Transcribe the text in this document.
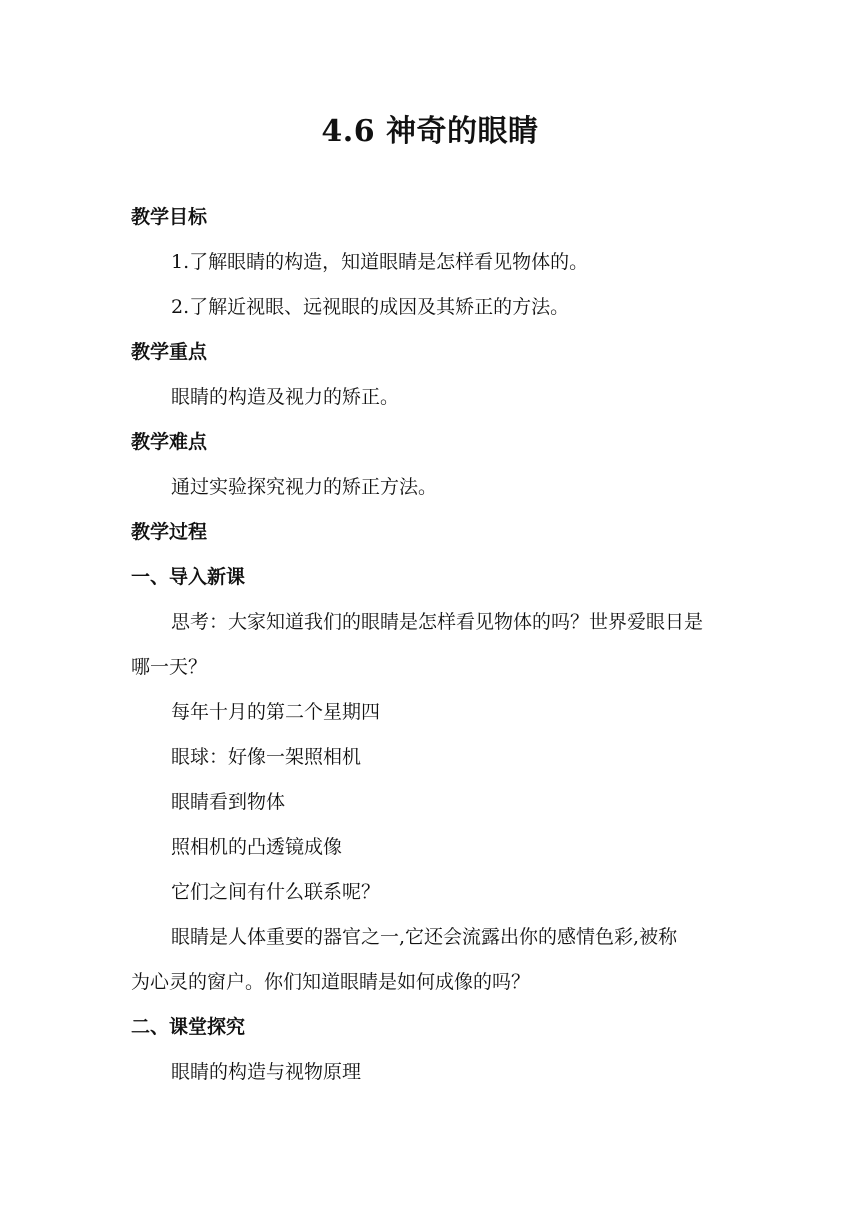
4.6 神奇的眼睛
教学目标
1.了解眼睛的构造，知道眼睛是怎样看见物体的。
2.了解近视眼、远视眼的成因及其矫正的方法。
教学重点
眼睛的构造及视力的矫正。
教学难点
通过实验探究视力的矫正方法。
教学过程
一、导入新课
思考：大家知道我们的眼睛是怎样看见物体的吗？世界爱眼日是
哪一天？
每年十月的第二个星期四
眼球：好像一架照相机
眼睛看到物体
照相机的凸透镜成像
它们之间有什么联系呢？
眼睛是人体重要的器官之一,它还会流露出你的感情色彩,被称
为心灵的窗户。你们知道眼睛是如何成像的吗？
二、课堂探究
眼睛的构造与视物原理
